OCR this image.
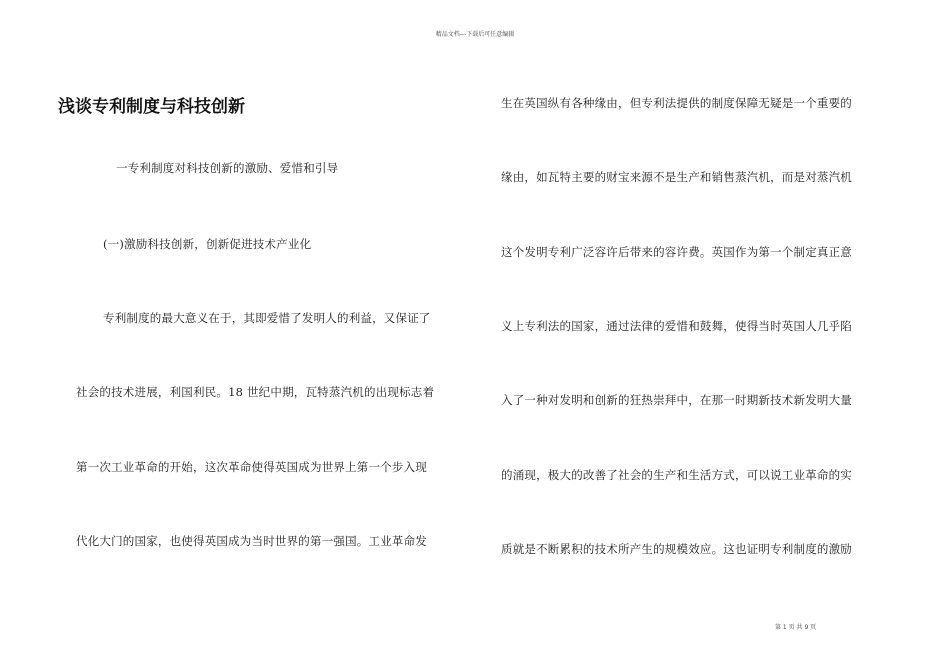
精品文档---下载后可任意编辑
浅谈专利制度与科技创新
一专利制度对科技创新的激励、爱惜和引导
(一)激励科技创新，创新促进技术产业化
专利制度的最大意义在于，其即爱惜了发明人的利益，又保证了
社会的技术进展，利国利民。18 世纪中期，瓦特蒸汽机的出现标志着
第一次工业革命的开始，这次革命使得英国成为世界上第一个步入现
代化大门的国家，也使得英国成为当时世界的第一强国。工业革命发
生在英国纵有各种缘由，但专利法提供的制度保障无疑是一个重要的
缘由，如瓦特主要的财宝来源不是生产和销售蒸汽机，而是对蒸汽机
这个发明专利广泛容许后带来的容许费。英国作为第一个制定真正意
义上专利法的国家，通过法律的爱惜和鼓舞，使得当时英国人几乎陷
入了一种对发明和创新的狂热崇拜中，在那一时期新技术新发明大量
的涌现，极大的改善了社会的生产和生活方式，可以说工业革命的实
质就是不断累积的技术所产生的规模效应。这也证明专利制度的激励
第 1 页 共 9 页
